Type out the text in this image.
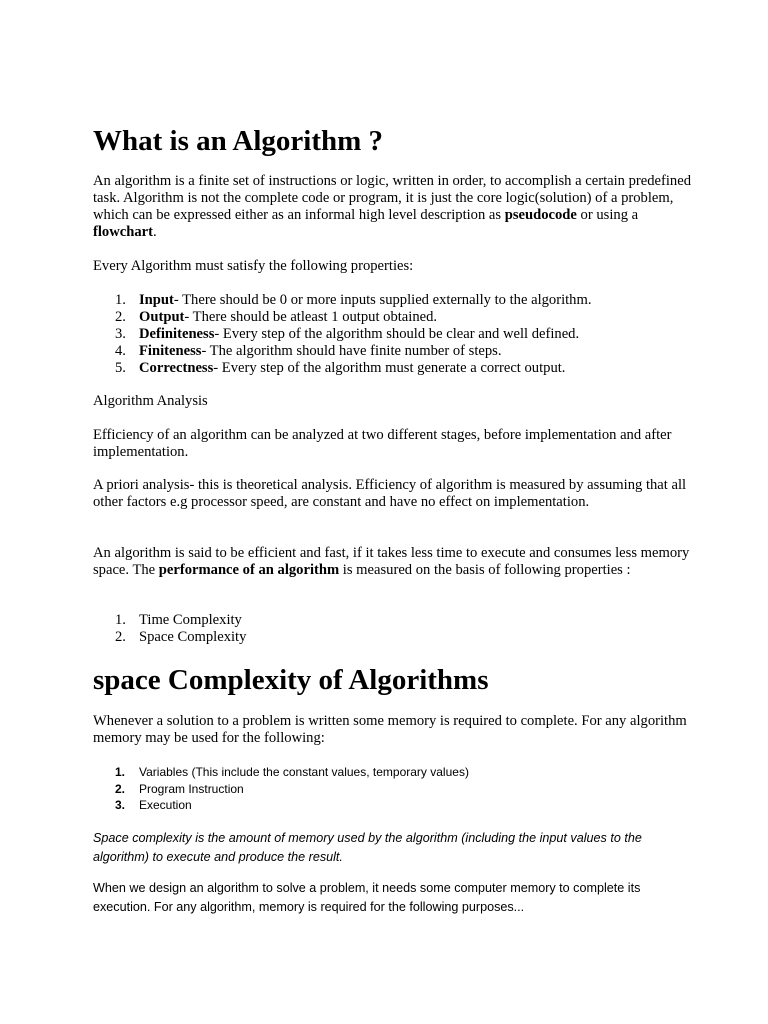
What is an Algorithm ?
An algorithm is a finite set of instructions or logic, written in order, to accomplish a certain predefined task. Algorithm is not the complete code or program, it is just the core logic(solution) of a problem, which can be expressed either as an informal high level description as pseudocode or using a flowchart.
Every Algorithm must satisfy the following properties:
1. Input- There should be 0 or more inputs supplied externally to the algorithm.
2. Output- There should be atleast 1 output obtained.
3. Definiteness- Every step of the algorithm should be clear and well defined.
4. Finiteness- The algorithm should have finite number of steps.
5. Correctness- Every step of the algorithm must generate a correct output.
Algorithm Analysis
Efficiency of an algorithm can be analyzed at two different stages, before implementation and after implementation.
A priori analysis- this is theoretical analysis. Efficiency of algorithm is measured by assuming that all other factors e.g processor speed, are constant and have no effect on implementation.
An algorithm is said to be efficient and fast, if it takes less time to execute and consumes less memory space. The performance of an algorithm is measured on the basis of following properties :
1. Time Complexity
2. Space Complexity
space Complexity of Algorithms
Whenever a solution to a problem is written some memory is required to complete. For any algorithm memory may be used for the following:
1. Variables (This include the constant values, temporary values)
2. Program Instruction
3. Execution
Space complexity is the amount of memory used by the algorithm (including the input values to the algorithm) to execute and produce the result.
When we design an algorithm to solve a problem, it needs some computer memory to complete its execution. For any algorithm, memory is required for the following purposes...
